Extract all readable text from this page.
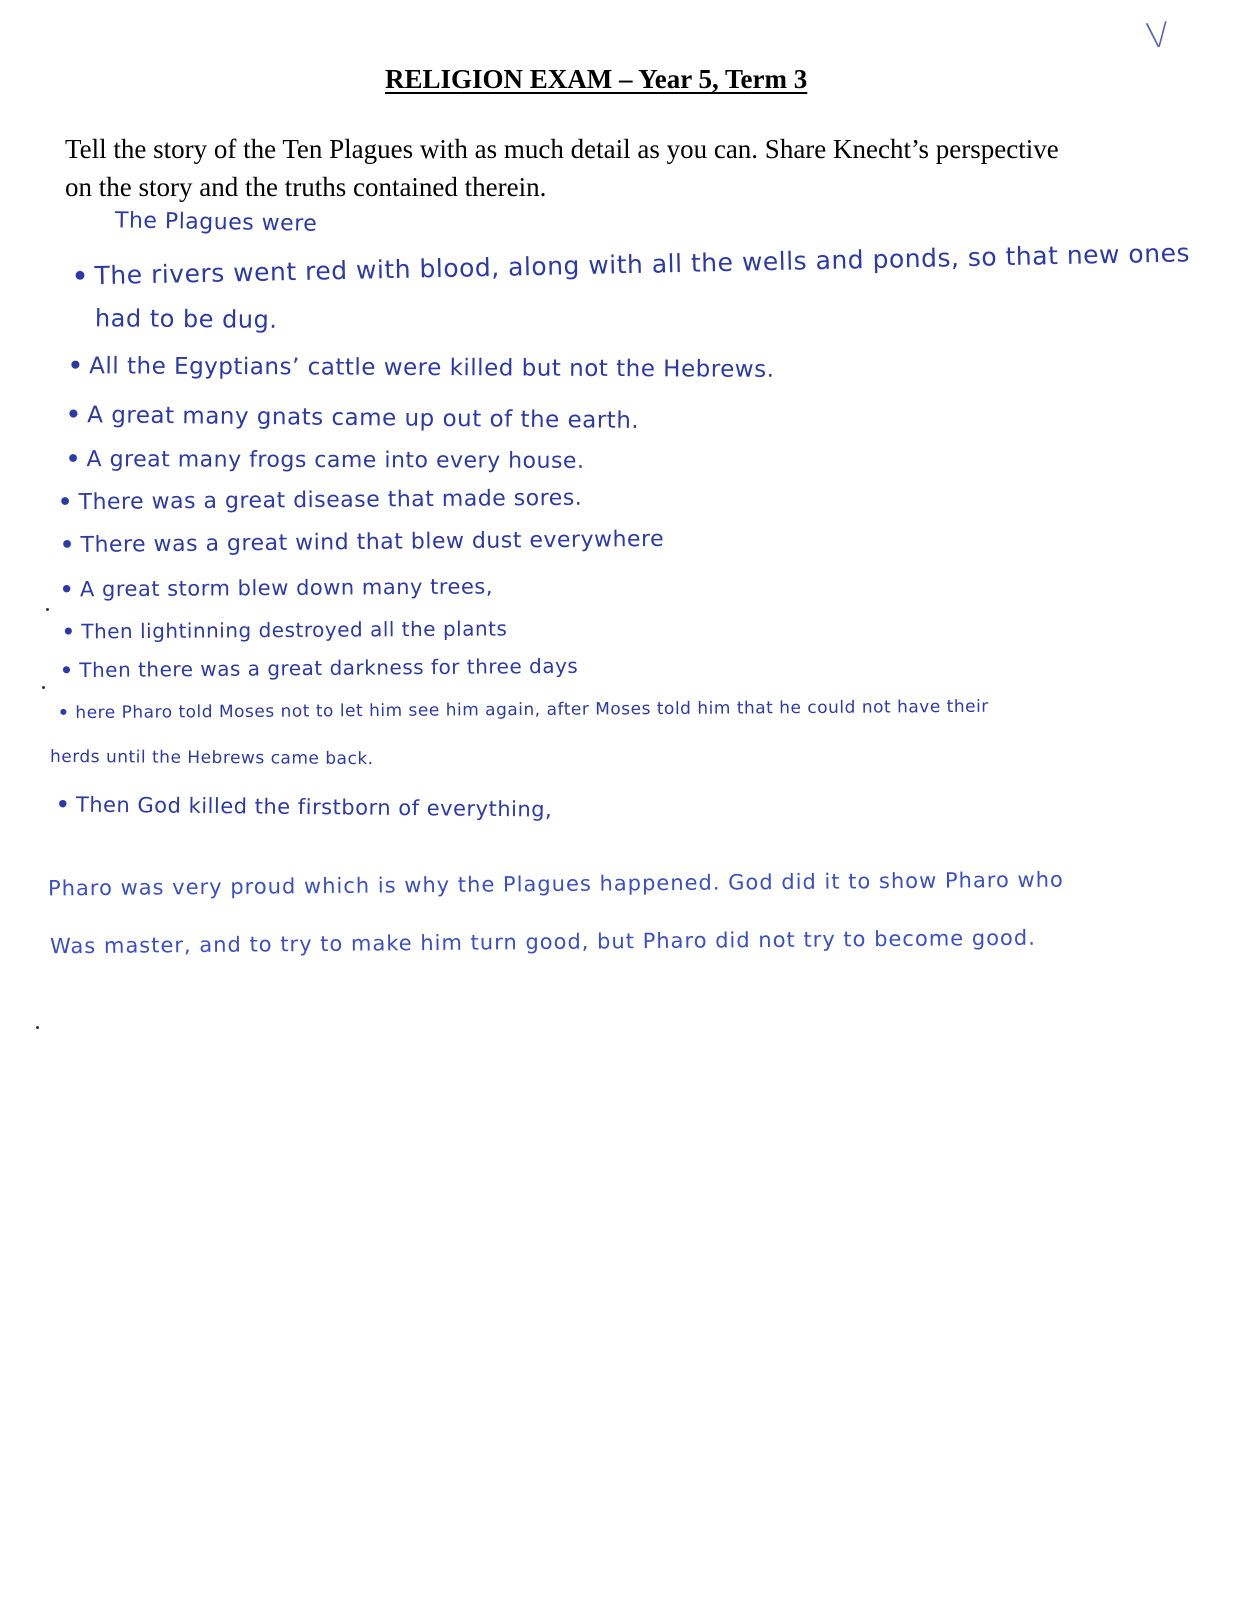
V
RELIGION EXAM – Year 5, Term 3

Tell the story of the Ten Plagues with as much detail as you can. Share Knecht’s perspective on the story and the truths contained therein.

The Plagues were
• The rivers went red with blood, along with all the wells and ponds, so that new ones
had to be dug.
• All the Egyptians’ cattle were killed but not the Hebrews.
• A great many gnats came up out of the earth.
• A great many frogs came into every house.
• There was a great disease that made sores.
• There was a great wind that blew dust everywhere
• A great storm blew down many trees,
• Then lightinning destroyed all the plants
• Then there was a great darkness for three days
• here Pharo told Moses not to let him see him again, after Moses told him that he could not have their
herds until the Hebrews came back.
• Then God killed the firstborn of everything,
Pharo was very proud which is why the Plagues happened. God did it to show Pharo who
Was master, and to try to make him turn good, but Pharo did not try to become good.
